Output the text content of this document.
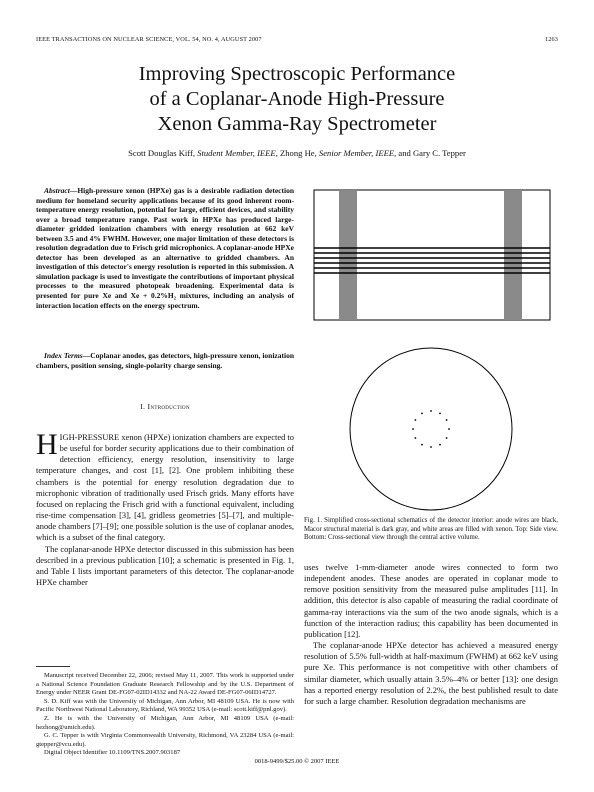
IEEE TRANSACTIONS ON NUCLEAR SCIENCE, VOL. 54, NO. 4, AUGUST 2007	1263
Improving Spectroscopic Performance
of a Coplanar-Anode High-Pressure
Xenon Gamma-Ray Spectrometer
Scott Douglas Kiff, Student Member, IEEE, Zhong He, Senior Member, IEEE, and Gary C. Tepper

Abstract—High-pressure xenon (HPXe) gas is a desirable radiation detection medium for homeland security applications because of its good inherent room-temperature energy resolution, potential for large, efficient devices, and stability over a broad temperature range. Past work in HPXe has produced large-diameter gridded ionization chambers with energy resolution at 662 keV between 3.5 and 4% FWHM. However, one major limitation of these detectors is resolution degradation due to Frisch grid microphonics. A coplanar-anode HPXe detector has been developed as an alternative to gridded chambers. An investigation of this detector's energy resolution is reported in this submission. A simulation package is used to investigate the contributions of important physical processes to the measured photopeak broadening. Experimental data is presented for pure Xe and Xe + 0.2%H₂ mixtures, including an analysis of interaction location effects on the energy spectrum.

Index Terms—Coplanar anodes, gas detectors, high-pressure xenon, ionization chambers, position sensing, single-polarity charge sensing.

I. Introduction

HIGH-PRESSURE xenon (HPXe) ionization chambers are expected to be useful for border security applications due to their combination of detection efficiency, energy resolution, insensitivity to large temperature changes, and cost [1], [2]. One problem inhibiting these chambers is the potential for energy resolution degradation due to microphonic vibration of traditionally used Frisch grids. Many efforts have focused on replacing the Frisch grid with a functional equivalent, including rise-time compensation [3], [4], gridless geometries [5]–[7], and multiple-anode chambers [7]–[9]; one possible solution is the use of coplanar anodes, which is a subset of the final category.

The coplanar-anode HPXe detector discussed in this submission has been described in a previous publication [10]; a schematic is presented in Fig. 1, and Table I lists important parameters of this detector. The coplanar-anode HPXe chamber

Manuscript received December 22, 2006; revised May 11, 2007. This work is supported under a National Science Foundation Graduate Research Fellowship and by the U.S. Department of Energy under NEER Grant DE-FG07-02ID14332 and NA-22 Award DE-FG07-06ID14727.

S. D. Kiff was with the University of Michigan, Ann Arbor, MI 48109 USA. He is now with Pacific Northwest National Laboratory, Richland, WA 99352 USA (e-mail: scott.kiff@pnl.gov).

Z. He is with the University of Michigan, Ann Arbor, MI 48109 USA (e-mail: hezhong@umich.edu).

G. C. Tepper is with Virginia Commonwealth University, Richmond, VA 23284 USA (e-mail: gtepper@vcu.edu).

Digital Object Identifier 10.1109/TNS.2007.903187

Fig. 1. Simplified cross-sectional schematics of the detector interior: anode wires are black, Macor structural material is dark gray, and white areas are filled with xenon. Top: Side view. Bottom: Cross-sectional view through the central active volume.

uses twelve 1-mm-diameter anode wires connected to form two independent anodes. These anodes are operated in coplanar mode to remove position sensitivity from the measured pulse amplitudes [11]. In addition, this detector is also capable of measuring the radial coordinate of gamma-ray interactions via the sum of the two anode signals, which is a function of the interaction radius; this capability has been documented in publication [12].

The coplanar-anode HPXe detector has achieved a measured energy resolution of 5.5% full-width at half-maximum (FWHM) at 662 keV using pure Xe. This performance is not competitive with other chambers of similar diameter, which usually attain 3.5%–4% or better [13]: one design has a reported energy resolution of 2.2%, the best published result to date for such a large chamber. Resolution degradation mechanisms are

0018-9499/$25.00 © 2007 IEEE
